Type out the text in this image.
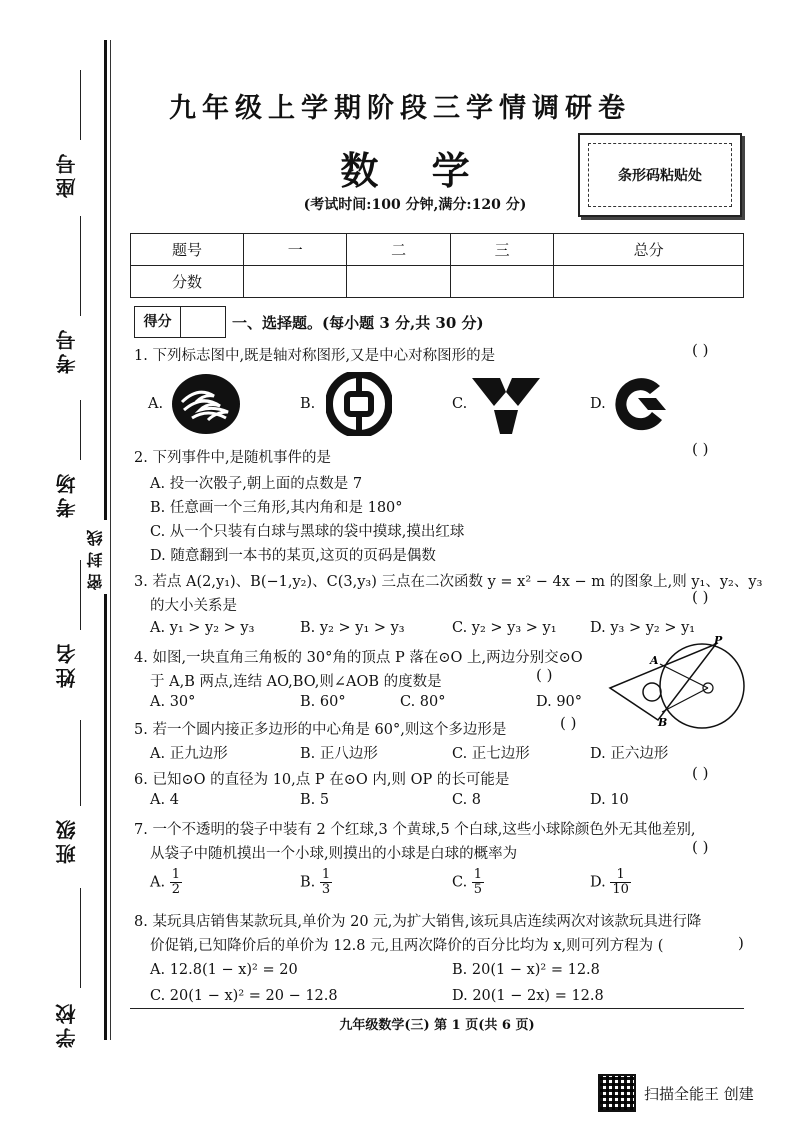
座号
考号
考场
姓名
班级
学校
密封线
九年级上学期阶段三学情调研卷
数 学
(考试时间:100 分钟,满分:120 分)
条形码粘贴处
题号	一	二	三	总分
分数				
得分	一、选择题。(每小题 3 分,共 30 分)
1. 下列标志图中,既是轴对称图形,又是中心对称图形的是	( )
A.	B.	C.	D.
2. 下列事件中,是随机事件的是	( )
A. 投一次骰子,朝上面的点数是 7
B. 任意画一个三角形,其内角和是 180°
C. 从一个只装有白球与黑球的袋中摸球,摸出红球
D. 随意翻到一本书的某页,这页的页码是偶数
3. 若点 A(2,y₁)、B(−1,y₂)、C(3,y₃) 三点在二次函数 y = x² − 4x − m 的图象上,则 y₁、y₂、y₃
的大小关系是	( )
A. y₁ > y₂ > y₃	B. y₂ > y₁ > y₃	C. y₂ > y₃ > y₁ D. y₃ > y₂ > y₁
4. 如图,一块直角三角板的 30°角的顶点 P 落在⊙O 上,两边分别交⊙O
于 A,B 两点,连结 AO,BO,则∠AOB 的度数是	( )
A. 30°	B. 60°	C. 80°	D. 90°
P
A
B
5. 若一个圆内接正多边形的中心角是 60°,则这个多边形是	( )
A. 正九边形	B. 正八边形	C. 正七边形	D. 正六边形
6. 已知⊙O 的直径为 10,点 P 在⊙O 内,则 OP 的长可能是	( )
A. 4	B. 5	C. 8	D. 10
7. 一个不透明的袋子中装有 2 个红球,3 个黄球,5 个白球,这些小球除颜色外无其他差别,
从袋子中随机摸出一个小球,则摸出的小球是白球的概率为	( )
A. $\frac{1}{2}$	B. $\frac{1}{3}$	C. $\frac{1}{5}$	D. $\frac{1}{10}$
8. 某玩具店销售某款玩具,单价为 20 元,为扩大销售,该玩具店连续两次对该款玩具进行降
价促销,已知降价后的单价为 12.8 元,且两次降价的百分比均为 x,则可列方程为 (	)
A. 12.8(1 − x)² = 20	B. 20(1 − x)² = 12.8
C. 20(1 − x)² = 20 − 12.8	D. 20(1 − 2x) = 12.8
九年级数学(三) 第 1 页(共 6 页)
扫描全能王 创建
